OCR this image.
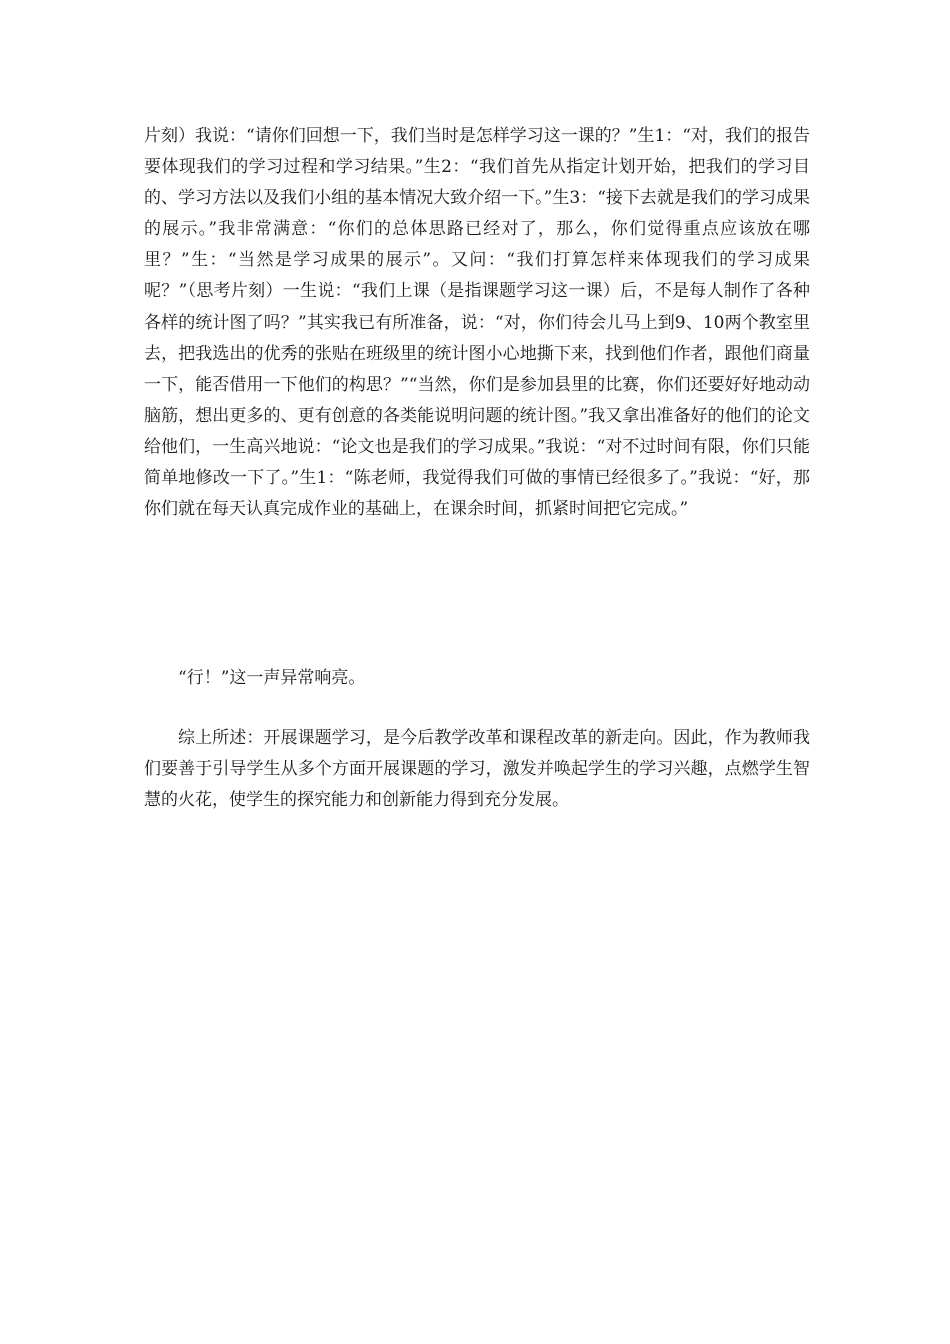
片刻）我说：“请你们回想一下，我们当时是怎样学习这一课的？”生1：“对，我们的报告要体现我们的学习过程和学习结果。”生2：“我们首先从指定计划开始，把我们的学习目的、学习方法以及我们小组的基本情况大致介绍一下。”生3：“接下去就是我们的学习成果的展示。”我非常满意：“你们的总体思路已经对了，那么，你们觉得重点应该放在哪里？”生：“当然是学习成果的展示”。又问：“我们打算怎样来体现我们的学习成果呢？”（思考片刻）一生说：“我们上课（是指课题学习这一课）后，不是每人制作了各种各样的统计图了吗？”其实我已有所准备，说：“对，你们待会儿马上到9、10两个教室里去，把我选出的优秀的张贴在班级里的统计图小心地撕下来，找到他们作者，跟他们商量一下，能否借用一下他们的构思？”“当然，你们是参加县里的比赛，你们还要好好地动动脑筋，想出更多的、更有创意的各类能说明问题的统计图。”我又拿出准备好的他们的论文给他们，一生高兴地说：“论文也是我们的学习成果。”我说：“对不过时间有限，你们只能简单地修改一下了。”生1：“陈老师，我觉得我们可做的事情已经很多了。”我说：“好，那你们就在每天认真完成作业的基础上，在课余时间，抓紧时间把它完成。”

“行！”这一声异常响亮。

综上所述：开展课题学习，是今后教学改革和课程改革的新走向。因此，作为教师我们要善于引导学生从多个方面开展课题的学习，激发并唤起学生的学习兴趣，点燃学生智慧的火花，使学生的探究能力和创新能力得到充分发展。
